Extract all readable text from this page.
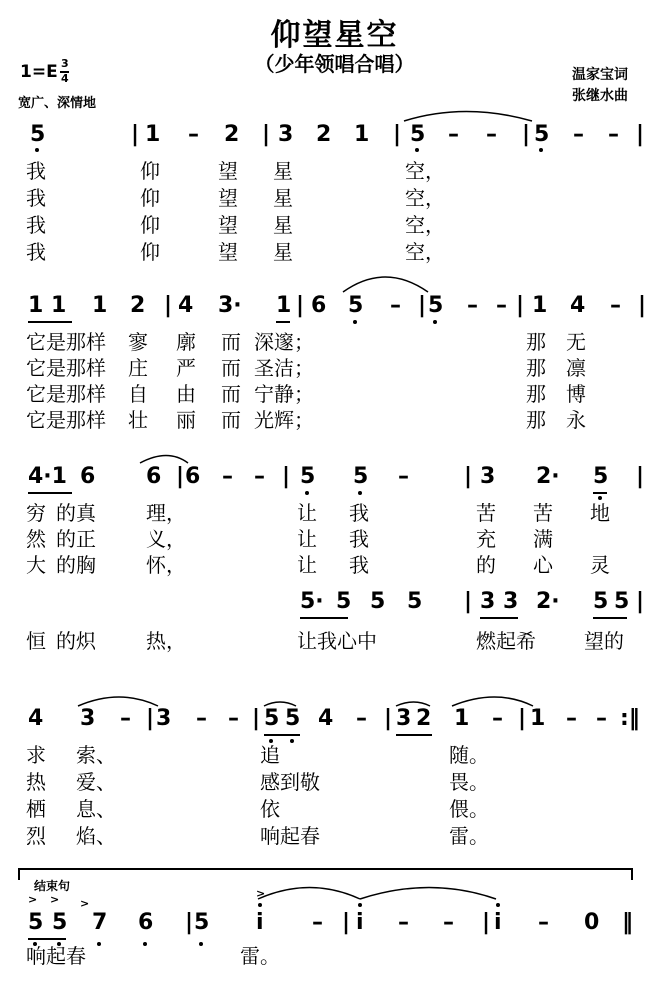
仰望星空
（少年领唱合唱）
1=E 3
4
宽广、深情地
温家宝词
张继水曲
5	| 1 – 2 | 3 2 1 | 5 – – | 5 – – |
我	仰	望 星	空，
我	仰	望 星	空，
我	仰	望 星	空，
我	仰	望 星	空，
1 1 1 2 | 4 3· 1 | 6 5 – | 5 – – | 1 4 – |
它是那样 寥 廓 而 深邃；	那 无
它是那样 庄 严 而 圣洁；	那 凛
它是那样 自 由 而 宁静；	那 博
它是那样 壮 丽 而 光辉；	那 永
4·1 6 6 | 6 – – | 5 5 –	| 3 2· 5 |
穷 的真	理，	让 我	苦 苦 地
然 的正	义，	让 我	充 满
大 的胸	怀，	让 我	的 心 灵
5· 5 5 5 | 3 3 2· 5 5 |
恒 的炽	热，	让我心中	燃起希 望的
4 3 – | 3 – – | 5 5 4 – | 3 2 1 – | 1 – – :‖
求 索、	追	随。
热 爱、	感到敬	畏。
栖 息、	依	偎。
烈 焰、	响起春	雷。
结束句
> > >
>
5 5 7 6 | 5 i – | i – – | i – 0 ‖
响起春	雷。
